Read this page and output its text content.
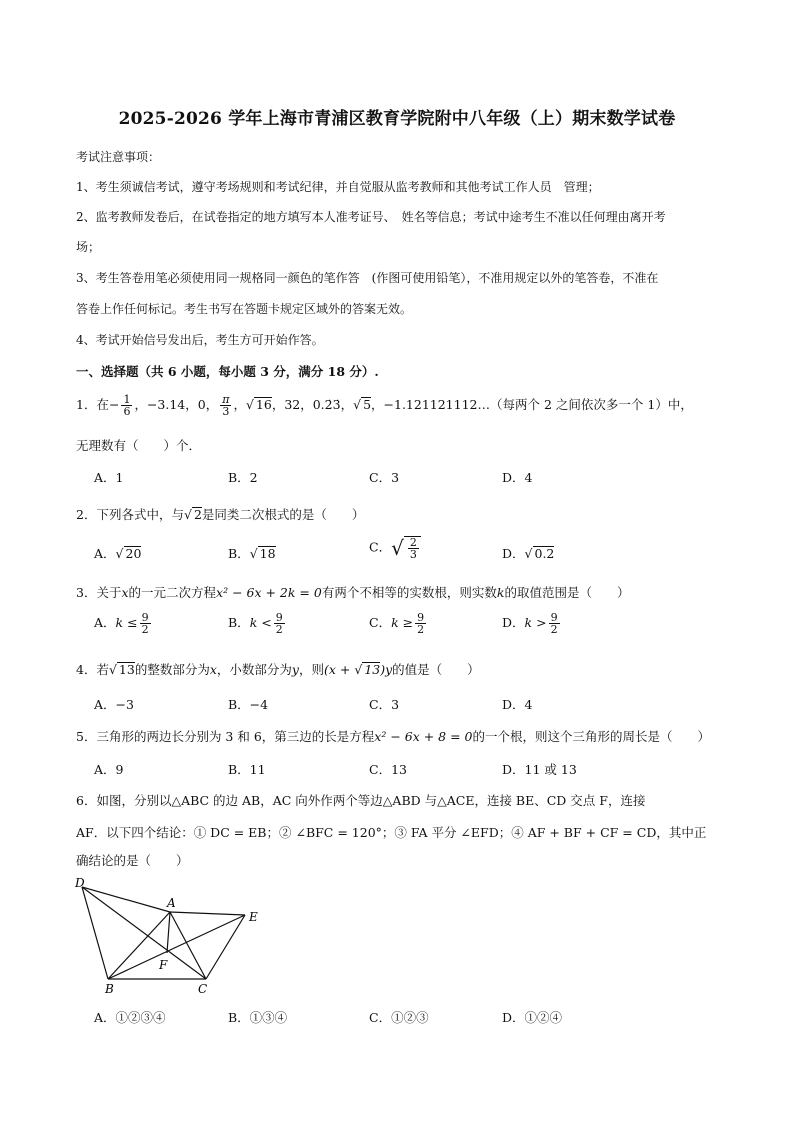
2025-2026 学年上海市青浦区教育学院附中八年级（上）期末数学试卷
考试注意事项：
1、考生须诚信考试，遵守考场规则和考试纪律，并自觉服从监考教师和其他考试工作人员　管理；
2、监考教师发卷后，在试卷指定的地方填写本人准考证号、　姓名等信息；考试中途考生不准以任何理由离开考
场；
3、考生答卷用笔必须使用同一规格同一颜色的笔作答　(作图可使用铅笔），不准用规定以外的笔答卷，不准在
答卷上作任何标记。考生书写在答题卡规定区域外的答案无效。
4、考试开始信号发出后，考生方可开始作答。
一、选择题（共 6 小题，每小题 3 分，满分 18 分）.
1．在− $\frac{1}{6}$ ，−3.14，0， $\frac{\pi}{3}$ ，√ 16，32，0.2̇3̇，√ 5，−1.121121112…（每两个 2 之间依次多一个 1）中，
无理数有（　　）个．
A．1	B．2	C．3	D．4
2．下列各式中，与√ 2是同类二次根式的是（　　）
A．√ 20	B．√ 18	C．√ $\frac{2}{3}$	D．√ 0.2
3．关于x的一元二次方程x² − 6x + 2k = 0有两个不相等的实数根，则实数k的取值范围是（　　）
A．$k \le \frac{9}{2}$	B．$k < \frac{9}{2}$	C．$k \ge \frac{9}{2}$	D．$k > \frac{9}{2}$
4．若√ 13的整数部分为x，小数部分为y，则(x + √ 13)y的值是（　　）
A．−3	B．−4	C．3	D．4
5．三角形的两边长分别为 3 和 6，第三边的长是方程x² − 6x + 8 = 0的一个根，则这个三角形的周长是（　　）
A．9	B．11	C．13	D．11 或 13
6．如图，分别以△ABC 的边 AB，AC 向外作两个等边△ABD 与△ACE，连接 BE、CD 交点 F，连接
AF．以下四个结论：① DC = EB；② ∠BFC = 120°；③ FA 平分 ∠EFD；④ AF + BF + CF = CD，其中正
确结论的是（　　）
D
A
E
F
B	C
A．①②③④	B．①③④	C．①②③	D．①②④
